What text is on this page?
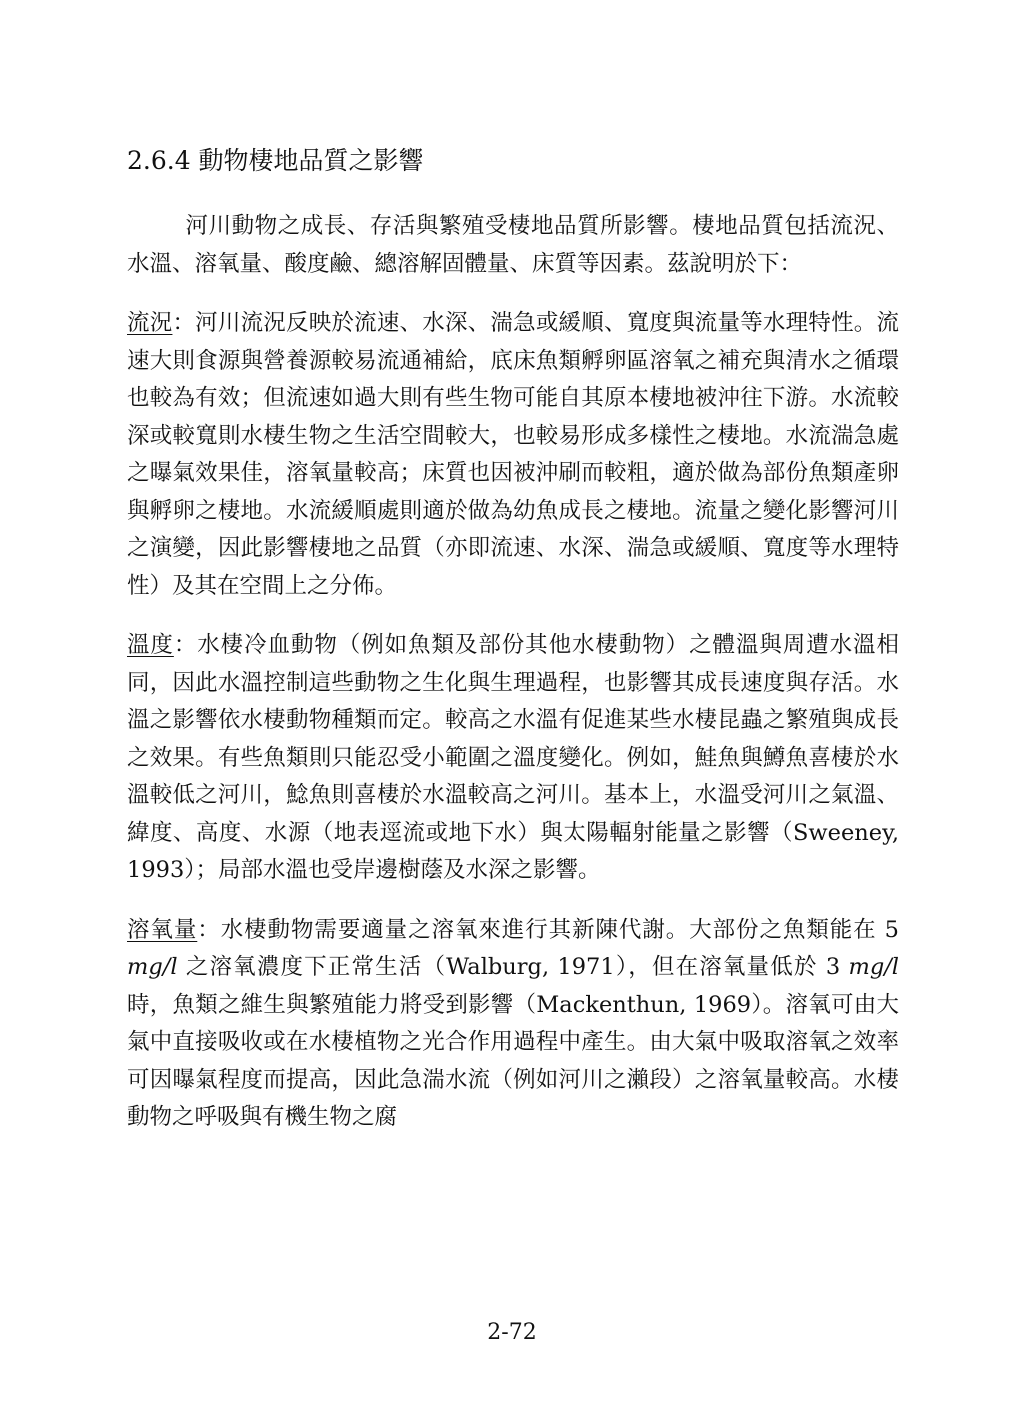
2.6.4 動物棲地品質之影響

河川動物之成長、存活與繁殖受棲地品質所影響。棲地品質包括流況、水溫、溶氧量、酸度鹼、總溶解固體量、床質等因素。茲說明於下：

流況：河川流況反映於流速、水深、湍急或緩順、寬度與流量等水理特性。流速大則食源與營養源較易流通補給，底床魚類孵卵區溶氧之補充與清水之循環也較為有效；但流速如過大則有些生物可能自其原本棲地被沖往下游。水流較深或較寬則水棲生物之生活空間較大，也較易形成多樣性之棲地。水流湍急處之曝氣效果佳，溶氧量較高；床質也因被沖刷而較粗，適於做為部份魚類產卵與孵卵之棲地。水流緩順處則適於做為幼魚成長之棲地。流量之變化影響河川之演變，因此影響棲地之品質（亦即流速、水深、湍急或緩順、寬度等水理特性）及其在空間上之分佈。

溫度：水棲冷血動物（例如魚類及部份其他水棲動物）之體溫與周遭水溫相同，因此水溫控制這些動物之生化與生理過程，也影響其成長速度與存活。水溫之影響依水棲動物種類而定。較高之水溫有促進某些水棲昆蟲之繁殖與成長之效果。有些魚類則只能忍受小範圍之溫度變化。例如，鮭魚與鱒魚喜棲於水溫較低之河川，鯰魚則喜棲於水溫較高之河川。基本上，水溫受河川之氣溫、緯度、高度、水源（地表逕流或地下水）與太陽輻射能量之影響（Sweeney, 1993）；局部水溫也受岸邊樹蔭及水深之影響。

溶氧量：水棲動物需要適量之溶氧來進行其新陳代謝。大部份之魚類能在 5 mg/l 之溶氧濃度下正常生活（Walburg, 1971），但在溶氧量低於 3 mg/l 時，魚類之維生與繁殖能力將受到影響（Mackenthun, 1969）。溶氧可由大氣中直接吸收或在水棲植物之光合作用過程中產生。由大氣中吸取溶氧之效率可因曝氣程度而提高，因此急湍水流（例如河川之瀨段）之溶氧量較高。水棲動物之呼吸與有機生物之腐

2-72
